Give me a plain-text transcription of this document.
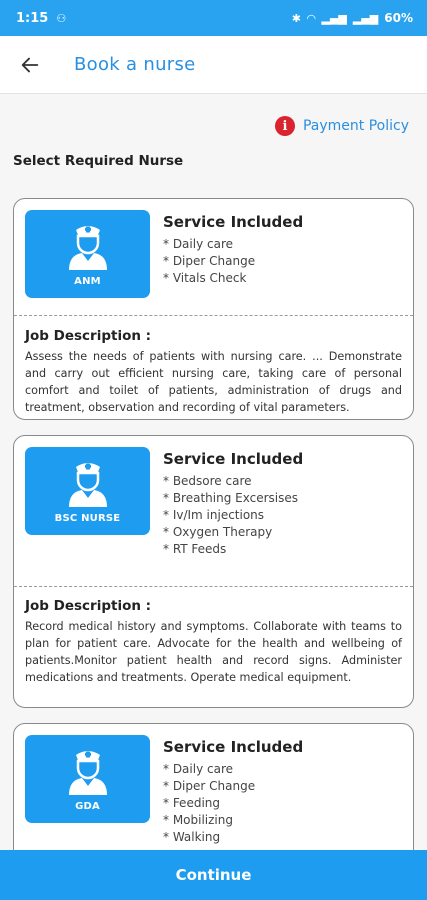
1:15 ⚇	✱ ◠ ▂▄▆ ▂▄▆ 60%
Book a nurse
i	Payment Policy
Select Required Nurse
ANM
Service Included
* Daily care
* Diper Change
* Vitals Check
Job Description :
Assess the needs of patients with nursing care. ... Demonstrate and carry out efficient nursing care, taking care of personal comfort and toilet of patients, administration of drugs and treatment, observation and recording of vital parameters.
BSC NURSE
Service Included
* Bedsore care
* Breathing Excersises
* Iv/Im injections
* Oxygen Therapy
* RT Feeds
Job Description :
Record medical history and symptoms. Collaborate with teams to plan for patient care. Advocate for the health and wellbeing of patients.Monitor patient health and record signs. Administer medications and treatments. Operate medical equipment.
GDA
Service Included
* Daily care
* Diper Change
* Feeding
* Mobilizing
* Walking
Continue
